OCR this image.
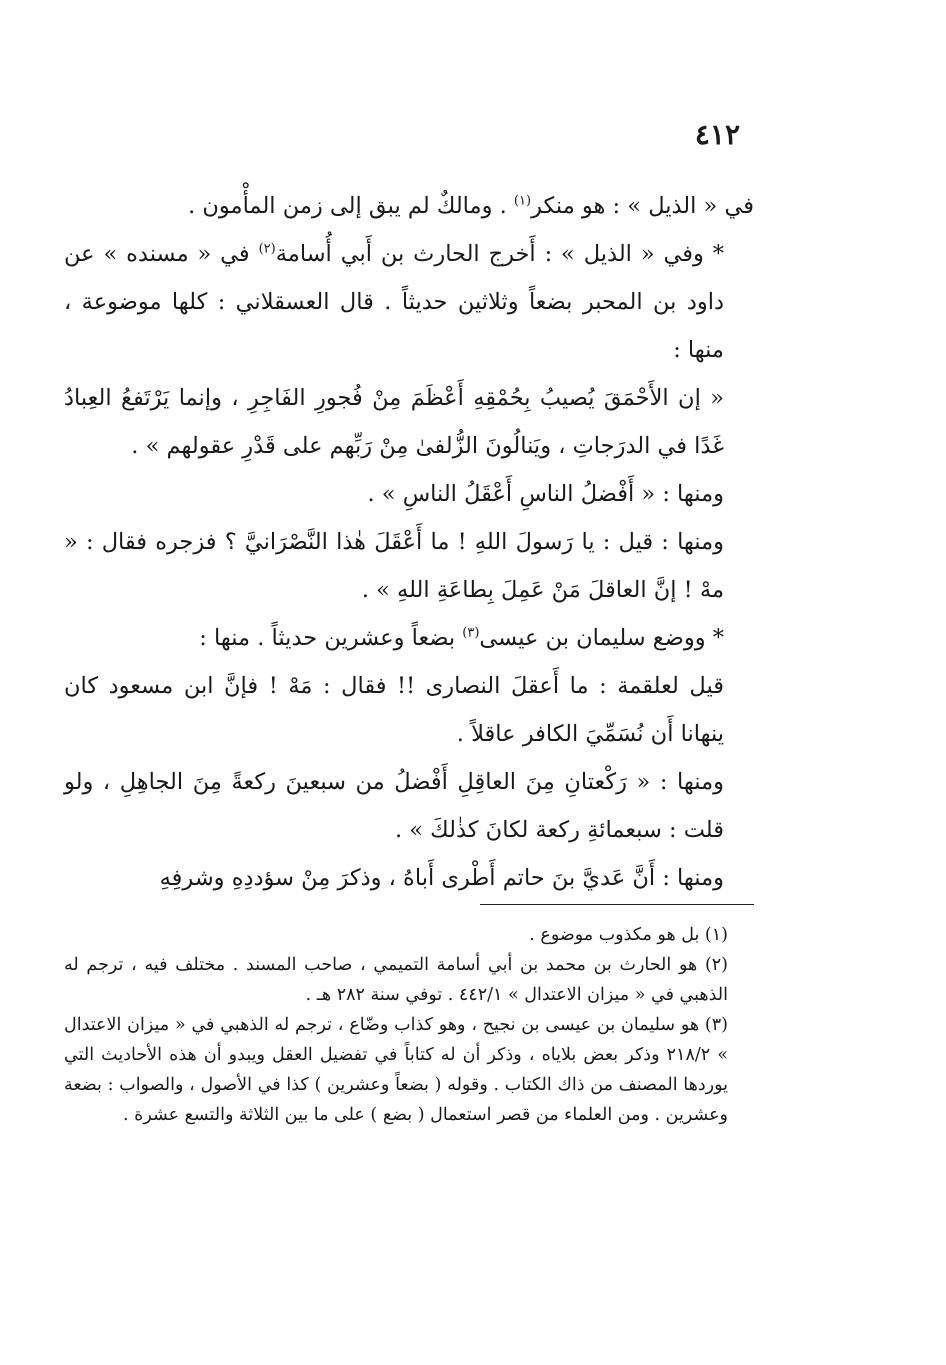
٤١٢

في « الذيل » : هو منكر$^{(١)}$ . ومالكٌ لم يبق إلى زمن المأْمون .

* وفي « الذيل » : أَخرج الحارث بن أَبي أُسامة$^{(٢)}$ في « مسنده » عن داود بن المحبر بضعاً وثلاثين حديثاً . قال العسقلاني : كلها موضوعة ، منها :

« إن الأَحْمَقَ يُصيبُ بِحُمْقِهِ أَعْظَمَ مِنْ فُجورِ الفَاجِرِ ، وإنما يَرْتَفعُ العِبادُ غَدًا في الدرَجاتِ ، ويَنالُونَ الزُّلفىٰ مِنْ رَبِّهم على قَدْرِ عقولهم » .

ومنها : « أَفْضلُ الناسِ أَعْقَلُ الناسِ » .

ومنها : قيل : يا رَسولَ اللهِ ! ما أَعْقَلَ هٰذا النَّصْرَانيَّ ؟ فزجره فقال : « مهْ ! إنَّ العاقلَ مَنْ عَمِلَ بِطاعَةِ اللهِ » .

* ووضع سليمان بن عيسى$^{(٣)}$ بضعاً وعشرين حديثاً . منها :

قيل لعلقمة : ما أَعقلَ النصارى !! فقال : مَهْ ! فإنَّ ابن مسعود كان ينهانا أَن نُسَمِّيَ الكافر عاقلاً .

ومنها : « رَكْعتانِ مِنَ العاقِلِ أَفْضلُ من سبعينَ ركعةً مِنَ الجاهِلِ ، ولو قلت : سبعمائةِ ركعة لكانَ كذٰلكَ » .

ومنها : أَنَّ عَديَّ بنَ حاتم أَطْرى أَباهُ ، وذكرَ مِنْ سؤددِهِ وشرفِهِ

(١) بل هو مكذوب موضوع .

(٢) هو الحارث بن محمد بن أبي أسامة التميمي ، صاحب المسند . مختلف فيه ، ترجم له الذهبي في « ميزان الاعتدال » ٤٤٢/١ . توفي سنة ٢٨٢ هـ .

(٣) هو سليمان بن عيسى بن نجيح ، وهو كذاب وضّاع ، ترجم له الذهبي في « ميزان الاعتدال » ٢١٨/٢ وذكر بعض بلاياه ، وذكر أن له كتاباً في تفضيل العقل ويبدو أن هذه الأحاديث التي يوردها المصنف من ذاك الكتاب . وقوله ( بضعاً وعشرين ) كذا في الأصول ، والصواب : بضعة وعشرين . ومن العلماء من قصر استعمال ( بضع ) على ما بين الثلاثة والتسع عشرة .
